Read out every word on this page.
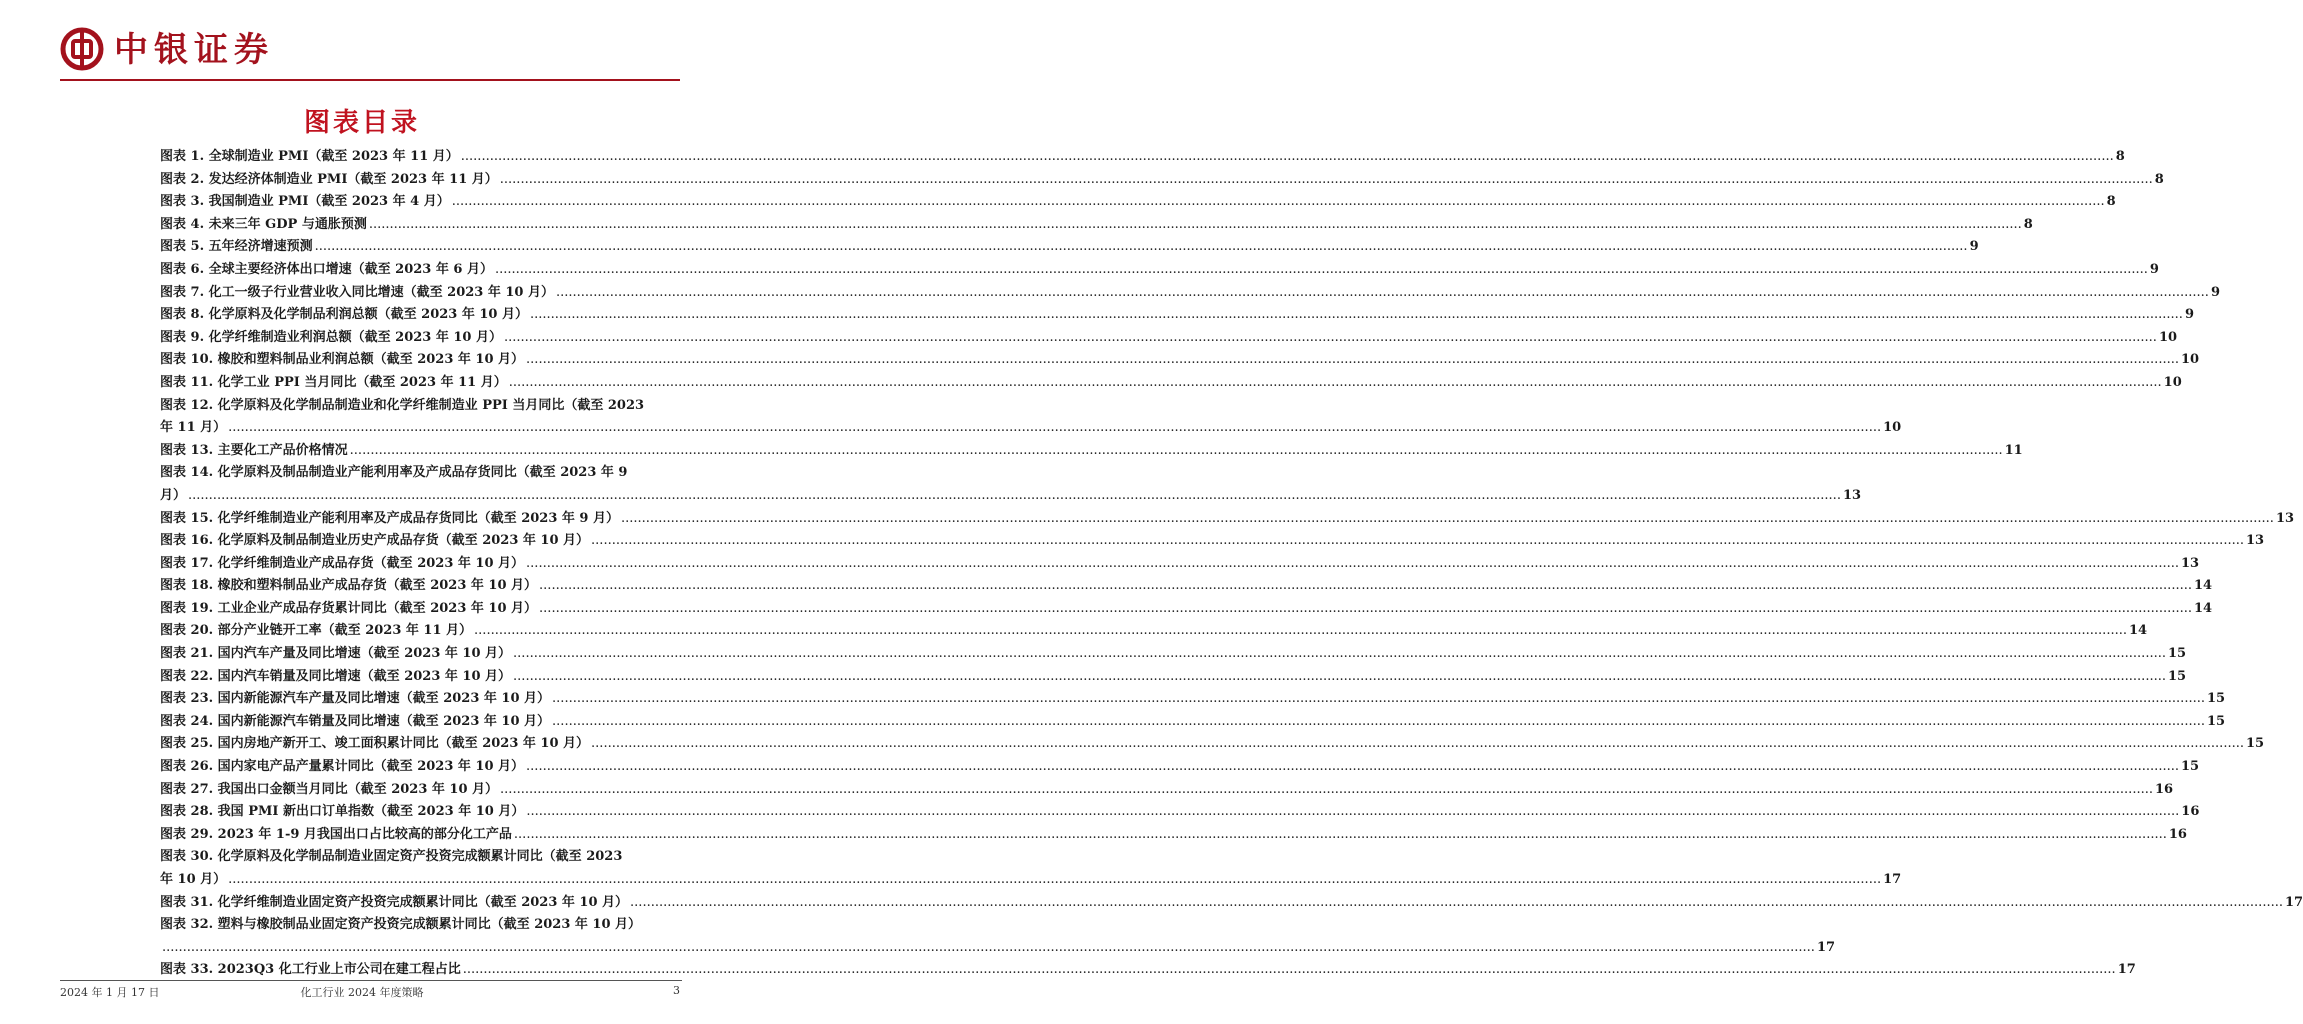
中银证券
图表目录
图表 1. 全球制造业 PMI（截至 2023 年 11 月） ................................................................................................................................................................................................................................................................................................................................................................................................................ 8
图表 2. 发达经济体制造业 PMI（截至 2023 年 11 月） ................................................................................................................................................................................................................................................................................................................................................................................................................ 8
图表 3. 我国制造业 PMI（截至 2023 年 4 月） ................................................................................................................................................................................................................................................................................................................................................................................................................ 8
图表 4. 未来三年 GDP 与通胀预测 ................................................................................................................................................................................................................................................................................................................................................................................................................ 8
图表 5. 五年经济增速预测 ................................................................................................................................................................................................................................................................................................................................................................................................................ 9
图表 6. 全球主要经济体出口增速（截至 2023 年 6 月） ................................................................................................................................................................................................................................................................................................................................................................................................................ 9
图表 7. 化工一级子行业营业收入同比增速（截至 2023 年 10 月） ................................................................................................................................................................................................................................................................................................................................................................................................................ 9
图表 8. 化学原料及化学制品利润总额（截至 2023 年 10 月） ................................................................................................................................................................................................................................................................................................................................................................................................................ 9
图表 9. 化学纤维制造业利润总额（截至 2023 年 10 月） ................................................................................................................................................................................................................................................................................................................................................................................................................ 10
图表 10. 橡胶和塑料制品业利润总额（截至 2023 年 10 月） ................................................................................................................................................................................................................................................................................................................................................................................................................ 10
图表 11. 化学工业 PPI 当月同比（截至 2023 年 11 月） ................................................................................................................................................................................................................................................................................................................................................................................................................ 10
图表 12. 化学原料及化学制品制造业和化学纤维制造业 PPI 当月同比（截至 2023
年 11 月） ................................................................................................................................................................................................................................................................................................................................................................................................................ 10
图表 13. 主要化工产品价格情况 ................................................................................................................................................................................................................................................................................................................................................................................................................ 11
图表 14. 化学原料及制品制造业产能利用率及产成品存货同比（截至 2023 年 9
月） ................................................................................................................................................................................................................................................................................................................................................................................................................ 13
图表 15. 化学纤维制造业产能利用率及产成品存货同比（截至 2023 年 9 月） ................................................................................................................................................................................................................................................................................................................................................................................................................ 13
图表 16. 化学原料及制品制造业历史产成品存货（截至 2023 年 10 月） ................................................................................................................................................................................................................................................................................................................................................................................................................ 13
图表 17. 化学纤维制造业产成品存货（截至 2023 年 10 月） ................................................................................................................................................................................................................................................................................................................................................................................................................ 13
图表 18. 橡胶和塑料制品业产成品存货（截至 2023 年 10 月） ................................................................................................................................................................................................................................................................................................................................................................................................................ 14
图表 19. 工业企业产成品存货累计同比（截至 2023 年 10 月） ................................................................................................................................................................................................................................................................................................................................................................................................................ 14
图表 20. 部分产业链开工率（截至 2023 年 11 月） ................................................................................................................................................................................................................................................................................................................................................................................................................ 14
图表 21. 国内汽车产量及同比增速（截至 2023 年 10 月） ................................................................................................................................................................................................................................................................................................................................................................................................................ 15
图表 22. 国内汽车销量及同比增速（截至 2023 年 10 月） ................................................................................................................................................................................................................................................................................................................................................................................................................ 15
图表 23. 国内新能源汽车产量及同比增速（截至 2023 年 10 月） ................................................................................................................................................................................................................................................................................................................................................................................................................ 15
图表 24. 国内新能源汽车销量及同比增速（截至 2023 年 10 月） ................................................................................................................................................................................................................................................................................................................................................................................................................ 15
图表 25. 国内房地产新开工、竣工面积累计同比（截至 2023 年 10 月） ................................................................................................................................................................................................................................................................................................................................................................................................................ 15
图表 26. 国内家电产品产量累计同比（截至 2023 年 10 月） ................................................................................................................................................................................................................................................................................................................................................................................................................ 15
图表 27. 我国出口金额当月同比（截至 2023 年 10 月） ................................................................................................................................................................................................................................................................................................................................................................................................................ 16
图表 28. 我国 PMI 新出口订单指数（截至 2023 年 10 月） ................................................................................................................................................................................................................................................................................................................................................................................................................ 16
图表 29. 2023 年 1-9 月我国出口占比较高的部分化工产品 ................................................................................................................................................................................................................................................................................................................................................................................................................ 16
图表 30. 化学原料及化学制品制造业固定资产投资完成额累计同比（截至 2023
年 10 月） ................................................................................................................................................................................................................................................................................................................................................................................................................ 17
图表 31. 化学纤维制造业固定资产投资完成额累计同比（截至 2023 年 10 月） ................................................................................................................................................................................................................................................................................................................................................................................................................ 17
图表 32. 塑料与橡胶制品业固定资产投资完成额累计同比（截至 2023 年 10 月）
................................................................................................................................................................................................................................................................................................................................................................................................................ 17
图表 33. 2023Q3 化工行业上市公司在建工程占比 ................................................................................................................................................................................................................................................................................................................................................................................................................ 17
2024 年 1 月 17 日	化工行业 2024 年度策略	3
